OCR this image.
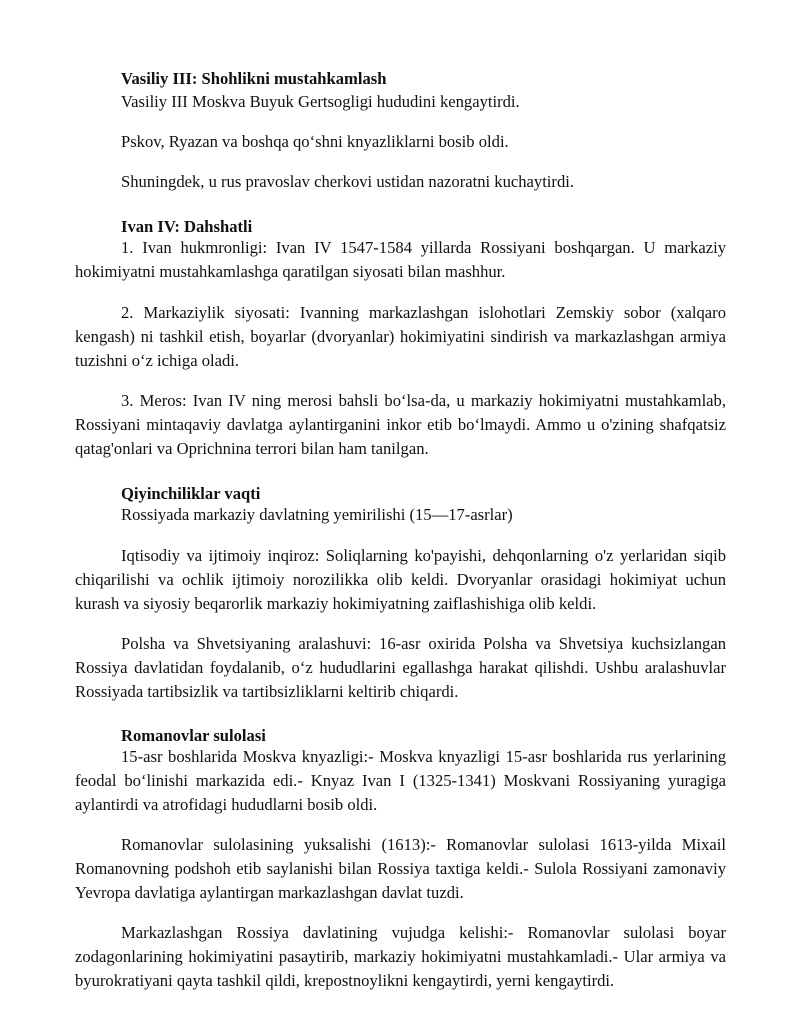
Vasiliy III: Shohlikni mustahkamlash
Vasiliy III Moskva Buyuk Gertsogligi hududini kengaytirdi.
Pskov, Ryazan va boshqa qo‘shni knyazliklarni bosib oldi.
Shuningdek, u rus pravoslav cherkovi ustidan nazoratni kuchaytirdi.
Ivan IV: Dahshatli
1. Ivan hukmronligi: Ivan IV 1547-1584 yillarda Rossiyani boshqargan. U markaziy hokimiyatni mustahkamlashga qaratilgan siyosati bilan mashhur.
2. Markaziylik siyosati: Ivanning markazlashgan islohotlari Zemskiy sobor (xalqaro kengash) ni tashkil etish, boyarlar (dvoryanlar) hokimiyatini sindirish va markazlashgan armiya tuzishni o‘z ichiga oladi.
3. Meros: Ivan IV ning merosi bahsli bo‘lsa-da, u markaziy hokimiyatni mustahkamlab, Rossiyani mintaqaviy davlatga aylantirganini inkor etib bo‘lmaydi. Ammo u o'zining shafqatsiz qatag'onlari va Oprichnina terrori bilan ham tanilgan.
Qiyinchiliklar vaqti
Rossiyada markaziy davlatning yemirilishi (15—17-asrlar)
Iqtisodiy va ijtimoiy inqiroz: Soliqlarning ko'payishi, dehqonlarning o'z yerlaridan siqib chiqarilishi va ochlik ijtimoiy norozilikka olib keldi. Dvoryanlar orasidagi hokimiyat uchun kurash va siyosiy beqarorlik markaziy hokimiyatning zaiflashishiga olib keldi.
Polsha va Shvetsiyaning aralashuvi: 16-asr oxirida Polsha va Shvetsiya kuchsizlangan Rossiya davlatidan foydalanib, o‘z hududlarini egallashga harakat qilishdi. Ushbu aralashuvlar Rossiyada tartibsizlik va tartibsizliklarni keltirib chiqardi.
Romanovlar sulolasi
15-asr boshlarida Moskva knyazligi:- Moskva knyazligi 15-asr boshlarida rus yerlarining feodal bo‘linishi markazida edi.- Knyaz Ivan I (1325-1341) Moskvani Rossiyaning yuragiga aylantirdi va atrofidagi hududlarni bosib oldi.
Romanovlar sulolasining yuksalishi (1613):- Romanovlar sulolasi 1613-yilda Mixail Romanovning podshoh etib saylanishi bilan Rossiya taxtiga keldi.- Sulola Rossiyani zamonaviy Yevropa davlatiga aylantirgan markazlashgan davlat tuzdi.
Markazlashgan Rossiya davlatining vujudga kelishi:- Romanovlar sulolasi boyar zodagonlarining hokimiyatini pasaytirib, markaziy hokimiyatni mustahkamladi.- Ular armiya va byurokratiyani qayta tashkil qildi, krepostnoylikni kengaytirdi, yerni kengaytirdi.
